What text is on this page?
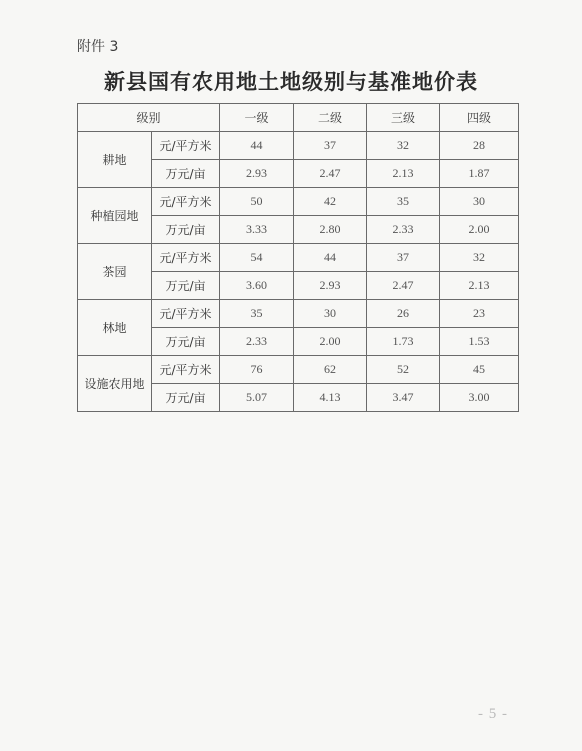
附件 3
新县国有农用地土地级别与基准地价表
级别		一级	二级	三级	四级
耕地	元/平方米	44	37	32	28
	万元/亩	2.93	2.47	2.13	1.87
种植园地	元/平方米	50	42	35	30
	万元/亩	3.33	2.80	2.33	2.00
茶园	元/平方米	54	44	37	32
	万元/亩	3.60	2.93	2.47	2.13
林地	元/平方米	35	30	26	23
	万元/亩	2.33	2.00	1.73	1.53
设施农用地	元/平方米	76	62	52	45
	万元/亩	5.07	4.13	3.47	3.00
- 5 -
